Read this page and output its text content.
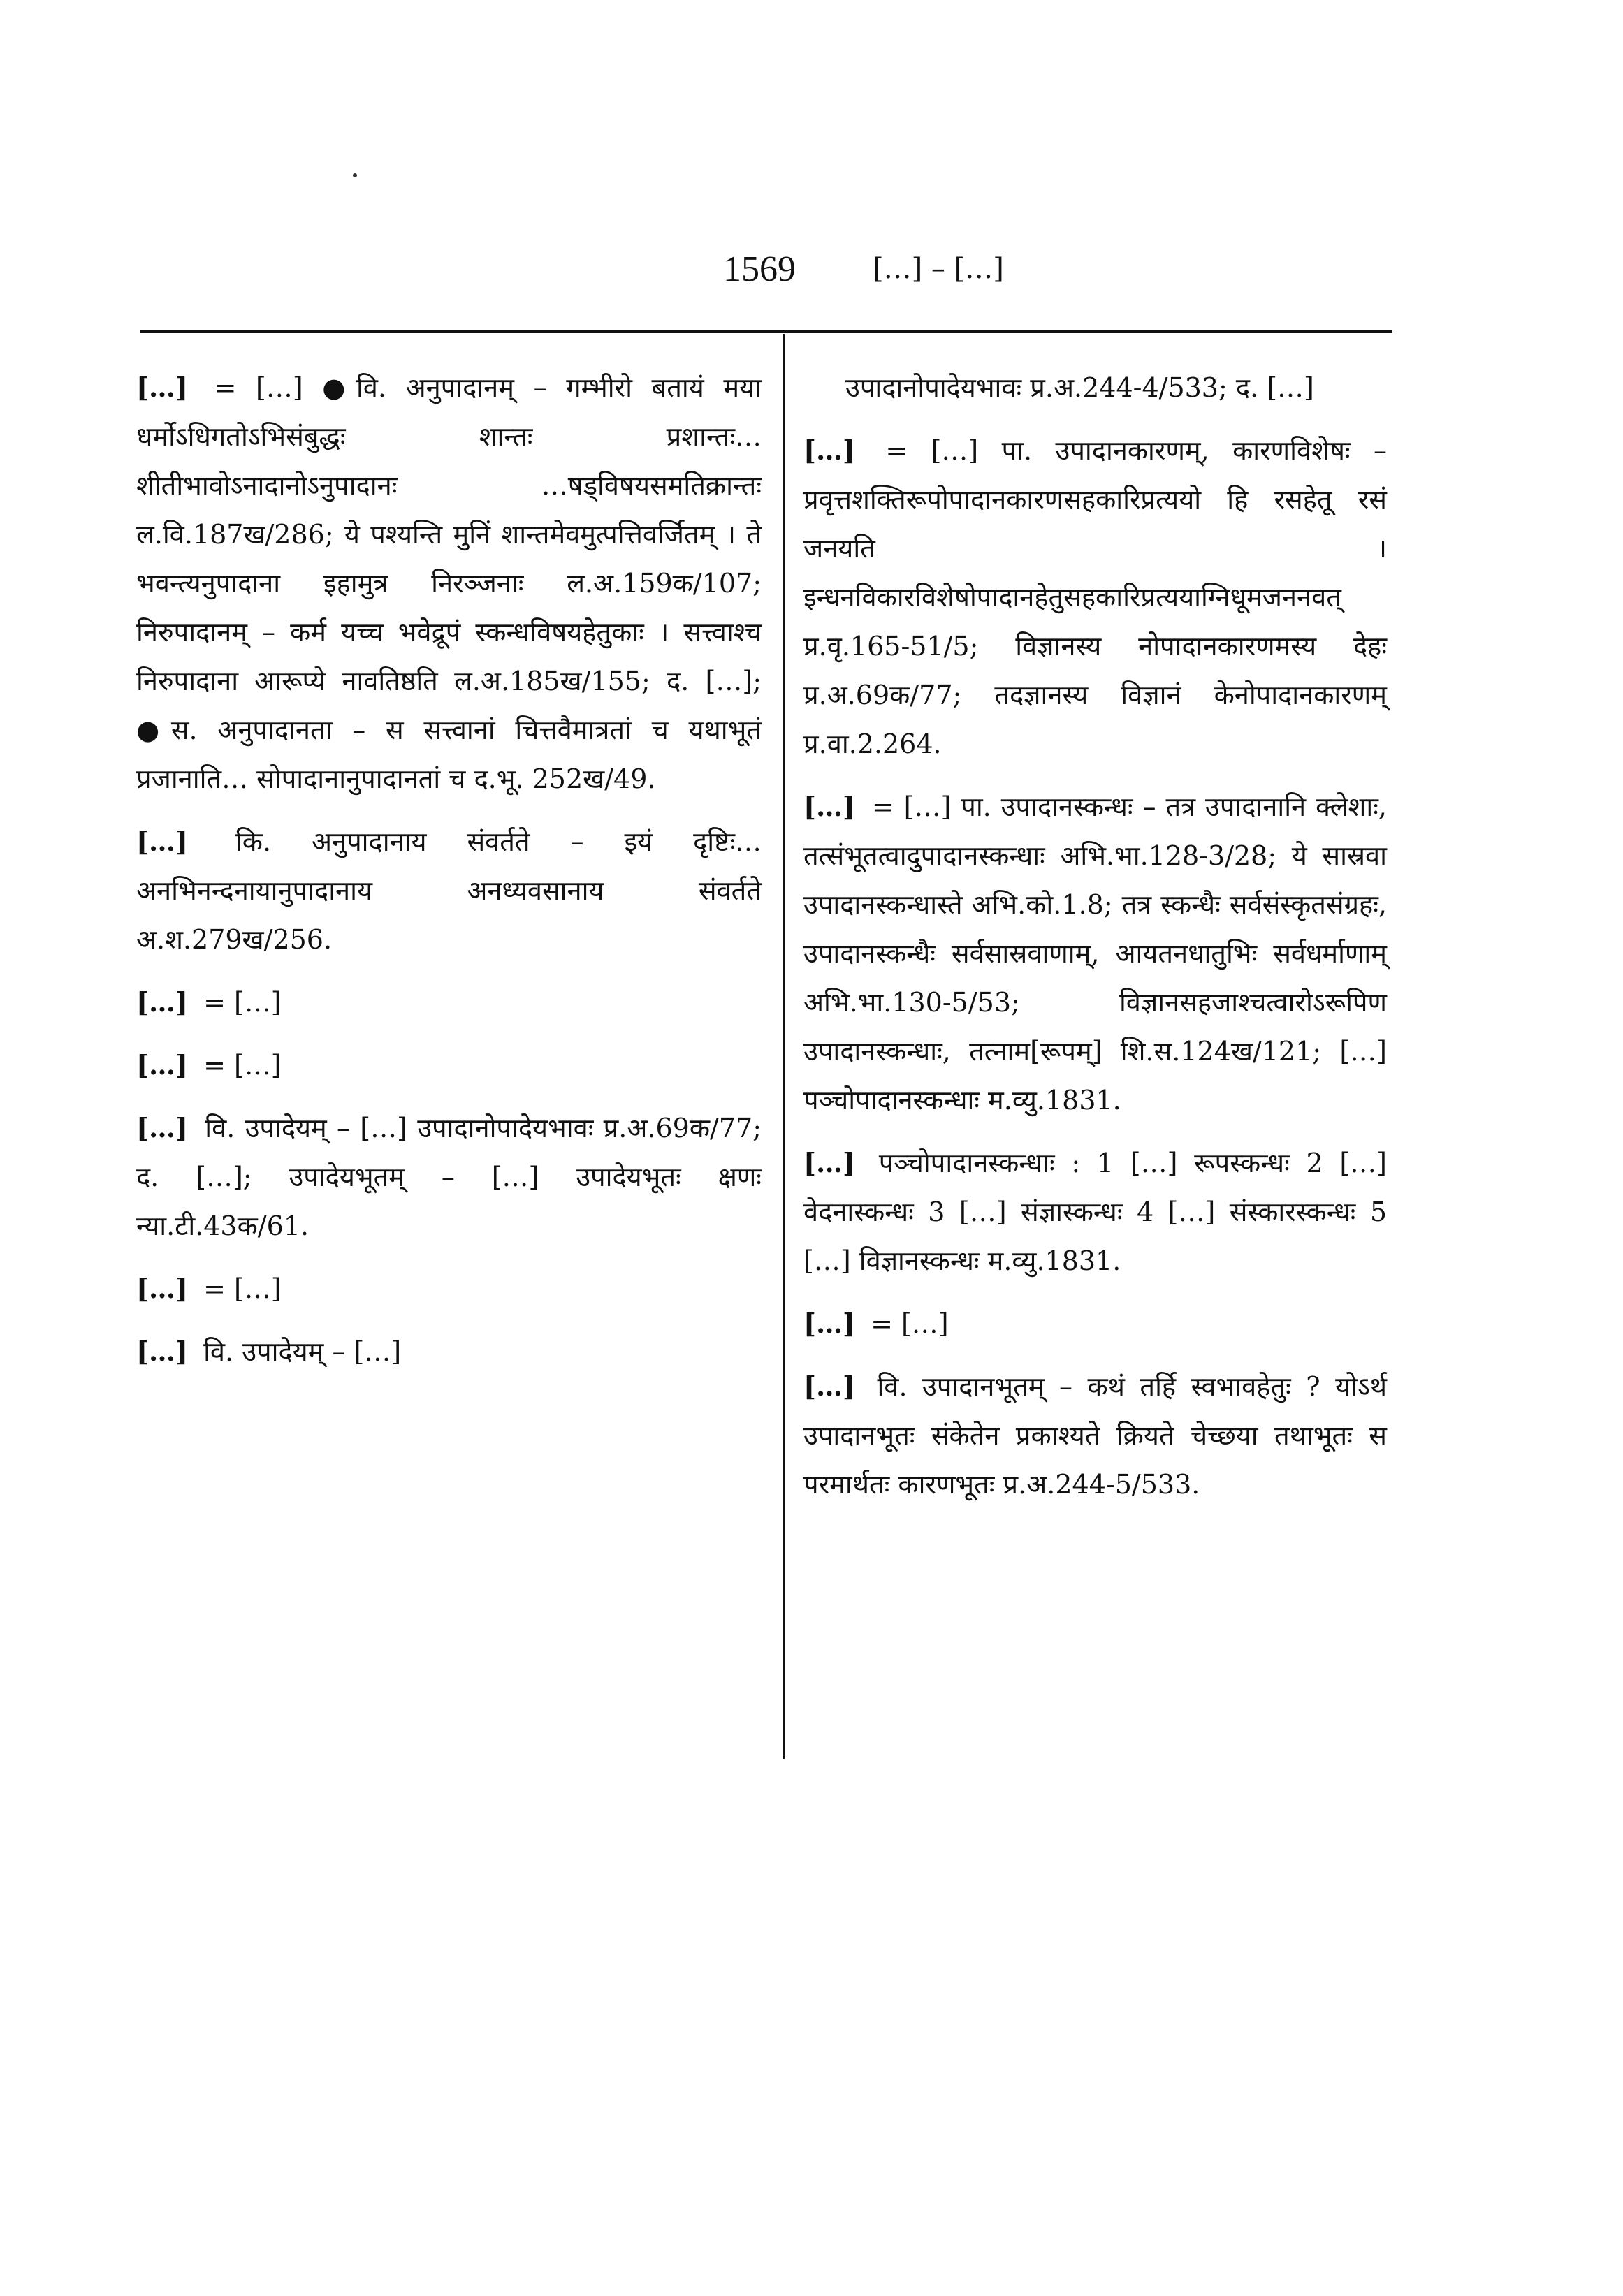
1569	[…] – […]
[…] = […] ●वि. अनुपादानम् – गम्भीरो बतायं मया धर्मोऽधिगतोऽभिसंबुद्धः शान्तः प्रशान्तः…शीतीभावोऽनादानोऽनुपादानः …षड्विषयसमतिक्रान्तः ल.वि.187ख/286; ये पश्यन्ति मुनिं शान्तमेवमुत्पत्तिवर्जितम् । ते भवन्त्यनुपादाना इहामुत्र निरञ्जनाः ल.अ.159क/107; निरुपादानम् – कर्म यच्च भवेद्रूपं स्कन्धविषयहेतुकाः । सत्त्वाश्च निरुपादाना आरूप्ये नावतिष्ठति ल.अ.185ख/155; द. […]; ●स. अनुपादानता – स सत्त्वानां चित्तवैमात्रतां च यथाभूतं प्रजानाति… सोपादानानुपादानतां च द.भू. 252ख/49.
[…] कि. अनुपादानाय संवर्तते – इयं दृष्टिः… अनभिनन्दनायानुपादानाय अनध्यवसानाय संवर्तते अ.श.279ख/256.
[…] = […]
[…] = […]
[…] वि. उपादेयम् – […] उपादानोपादेयभावः प्र.अ.69क/77; द. […]; उपादेयभूतम् – […] उपादेयभूतः क्षणः न्या.टी.43क/61.
[…] = […]
[…] वि. उपादेयम् – […]
उपादानोपादेयभावः प्र.अ.244-4/533; द. […]
[…] = […] पा. उपादानकारणम्, कारणविशेषः – प्रवृत्तशक्तिरूपोपादानकारणसहकारिप्रत्ययो हि रसहेतू रसं जनयति । इन्धनविकारविशेषोपादानहेतुसहकारिप्रत्ययाग्निधूमजननवत् प्र.वृ.165-51/5; विज्ञानस्य नोपादानकारणमस्य देहः प्र.अ.69क/77; तदज्ञानस्य विज्ञानं केनोपादानकारणम् प्र.वा.2.264.
[…] = […] पा. उपादानस्कन्धः – तत्र उपादानानि क्लेशाः, तत्संभूतत्वादुपादानस्कन्धाः अभि.भा.128-3/28; ये सास्रवा उपादानस्कन्धास्ते अभि.को.1.8; तत्र स्कन्धैः सर्वसंस्कृतसंग्रहः, उपादानस्कन्धैः सर्वसास्रवाणाम्, आयतनधातुभिः सर्वधर्माणाम् अभि.भा.130-5/53; विज्ञानसहजाश्चत्वारोऽरूपिण उपादानस्कन्धाः, तत्नाम[रूपम्] शि.स.124ख/121; […] पञ्चोपादानस्कन्धाः म.व्यु.1831.
[…] पञ्चोपादानस्कन्धाः : 1 […] रूपस्कन्धः 2 […] वेदनास्कन्धः 3 […] संज्ञास्कन्धः 4 […] संस्कारस्कन्धः 5 […] विज्ञानस्कन्धः म.व्यु.1831.
[…] = […]
[…] वि. उपादानभूतम् – कथं तर्हि स्वभावहेतुः ? योऽर्थ उपादानभूतः संकेतेन प्रकाश्यते क्रियते चेच्छया तथाभूतः स परमार्थतः कारणभूतः प्र.अ.244-5/533.
